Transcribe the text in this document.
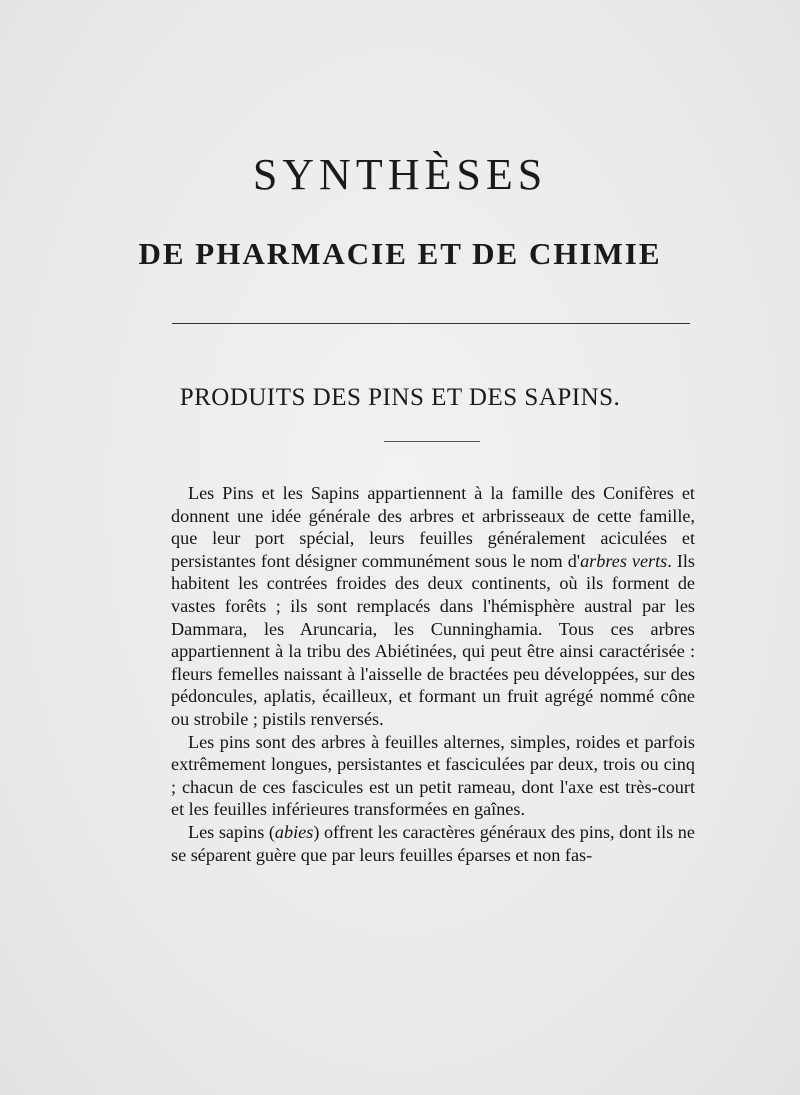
SYNTHÈSES
DE PHARMACIE ET DE CHIMIE
PRODUITS DES PINS ET DES SAPINS.

Les Pins et les Sapins appartiennent à la famille des Conifères et donnent une idée générale des arbres et arbrisseaux de cette famille, que leur port spécial, leurs feuilles généralement aciculées et persistantes font désigner communément sous le nom d'arbres verts. Ils habitent les contrées froides des deux continents, où ils forment de vastes forêts ; ils sont remplacés dans l'hémisphère austral par les Dammara, les Aruncaria, les Cunninghamia. Tous ces arbres appartiennent à la tribu des Abiétinées, qui peut être ainsi caractérisée : fleurs femelles naissant à l'aisselle de bractées peu développées, sur des pédoncules, aplatis, écailleux, et formant un fruit agrégé nommé cône ou strobile ; pistils renversés.

Les pins sont des arbres à feuilles alternes, simples, roides et parfois extrêmement longues, persistantes et fasciculées par deux, trois ou cinq ; chacun de ces fascicules est un petit rameau, dont l'axe est très-court et les feuilles inférieures transformées en gaînes.

Les sapins (abies) offrent les caractères généraux des pins, dont ils ne se séparent guère que par leurs feuilles éparses et non fas-
